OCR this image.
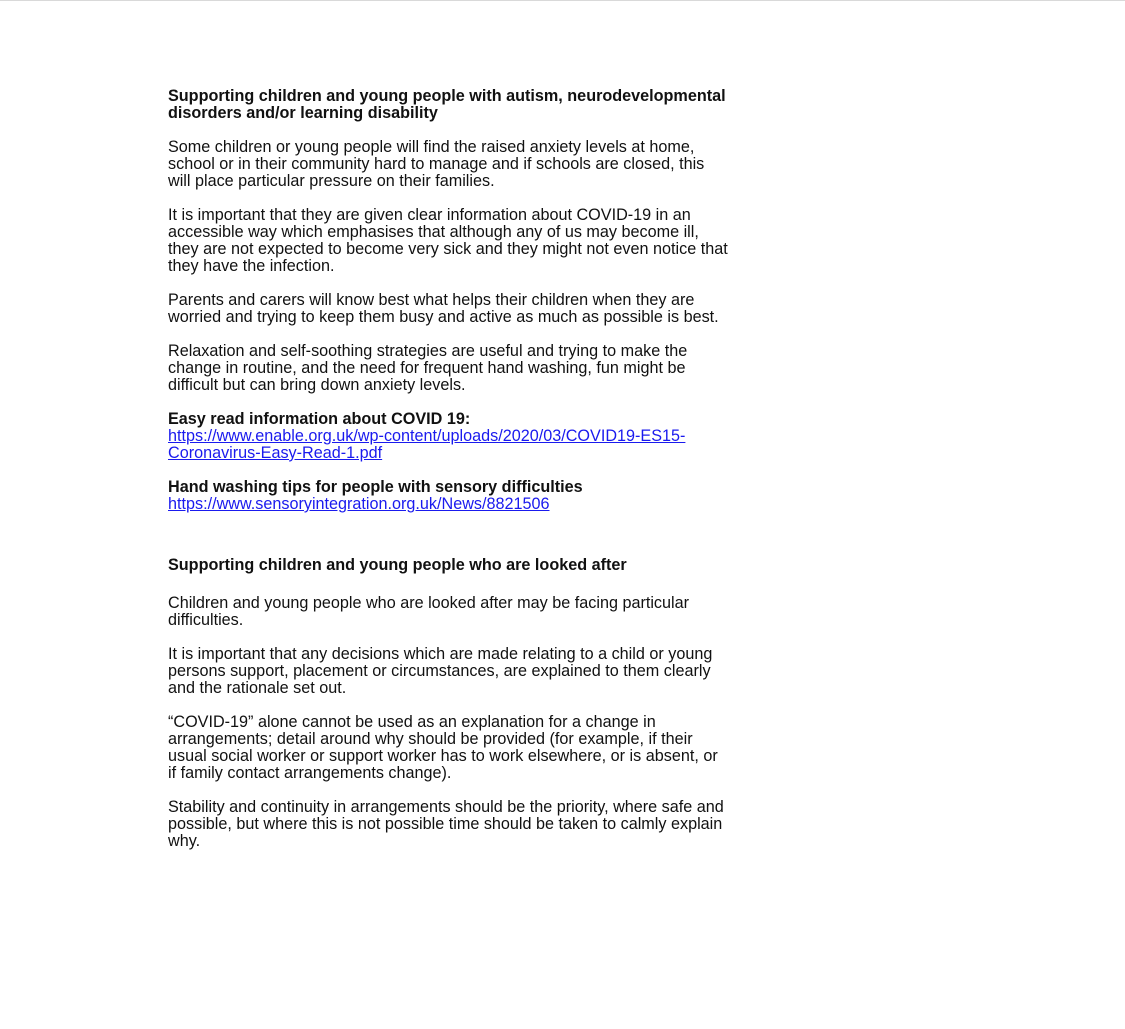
Supporting children and young people with autism, neurodevelopmental
disorders and/or learning disability
Some children or young people will find the raised anxiety levels at home,
school or in their community hard to manage and if schools are closed, this
will place particular pressure on their families.
It is important that they are given clear information about COVID-19 in an
accessible way which emphasises that although any of us may become ill,
they are not expected to become very sick and they might not even notice that
they have the infection.
Parents and carers will know best what helps their children when they are
worried and trying to keep them busy and active as much as possible is best.
Relaxation and self-soothing strategies are useful and trying to make the
change in routine, and the need for frequent hand washing, fun might be
difficult but can bring down anxiety levels.
Easy read information about COVID 19:
https://www.enable.org.uk/wp-content/uploads/2020/03/COVID19-ES15-
Coronavirus-Easy-Read-1.pdf
Hand washing tips for people with sensory difficulties
https://www.sensoryintegration.org.uk/News/8821506
Supporting children and young people who are looked after
Children and young people who are looked after may be facing particular
difficulties.
It is important that any decisions which are made relating to a child or young
persons support, placement or circumstances, are explained to them clearly
and the rationale set out.
“COVID-19” alone cannot be used as an explanation for a change in
arrangements; detail around why should be provided (for example, if their
usual social worker or support worker has to work elsewhere, or is absent, or
if family contact arrangements change).
Stability and continuity in arrangements should be the priority, where safe and
possible, but where this is not possible time should be taken to calmly explain
why.
